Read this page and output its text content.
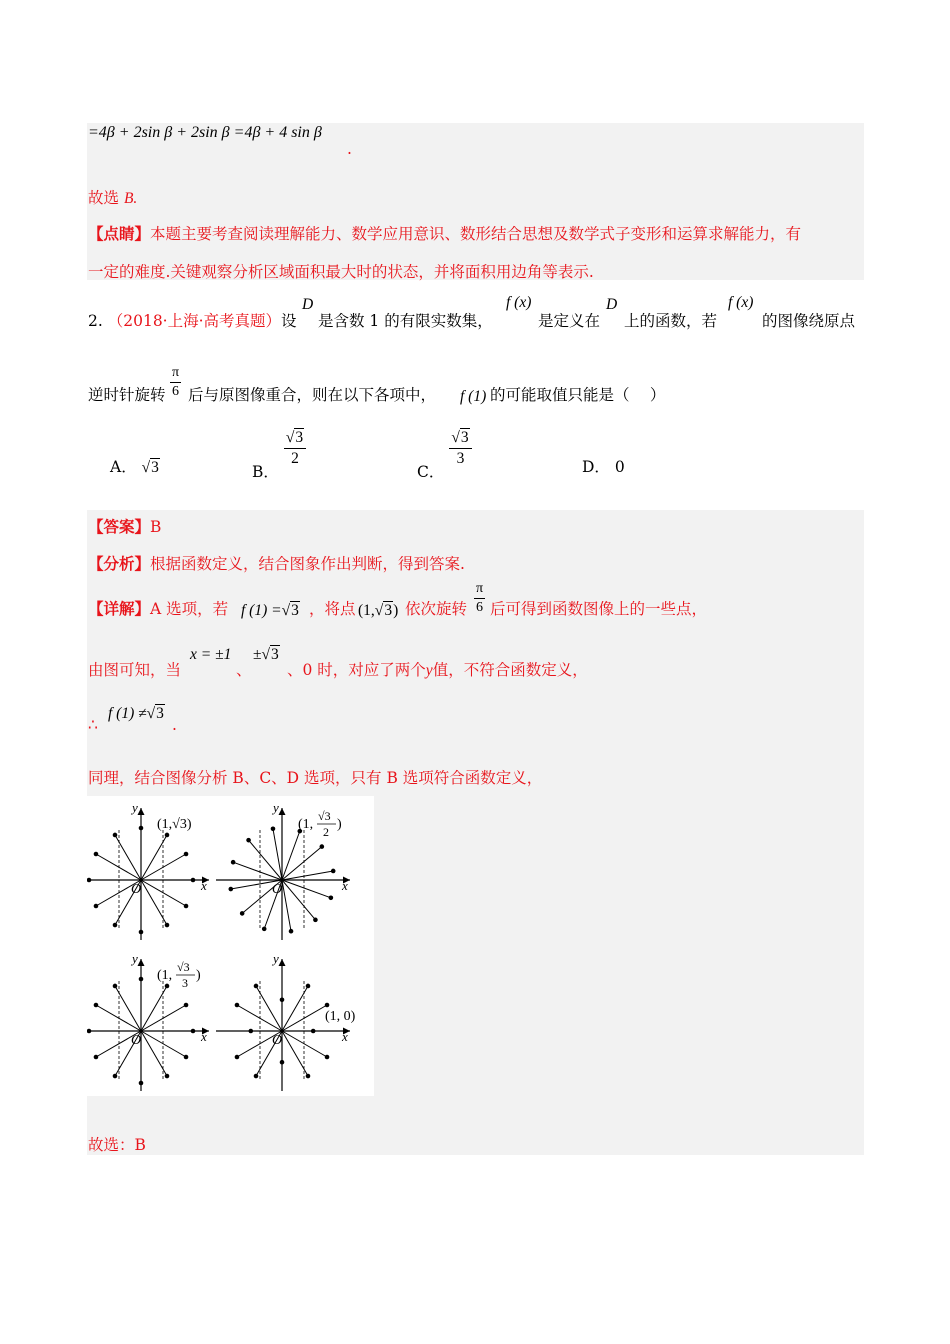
=4β + 2sin β + 2sin β =4β + 4 sin β
.
故选 B.
【点睛】本题主要考查阅读理解能力、数学应用意识、数形结合思想及数学式子变形和运算求解能力，有
一定的难度.关键观察分析区域面积最大时的状态，并将面积用边角等表示.
2. （2018·上海·高考真题）设
D
是含数 1 的有限实数集，
f (x)
是定义在
D
上的函数，若
f (x)
的图像绕原点
逆时针旋转 $\frac{\pi}{6}$ 后与原图像重合，则在以下各项中， f (1) 的可能取值只能是（　 ）
A． √3	B．
$\frac{√3}{2}$
C．
$\frac{√3}{3}$
D． 0
【答案】B
【分析】根据函数定义，结合图象作出判断，得到答案.
【详解】A 选项，若 f (1) =√3 ，将点 (1,√3) 依次旋转 $\frac{\pi}{6}$ 后可得到函数图像上的一些点，
由图可知，当
x = ±1
、
±√3
、0 时，对应了两个y值，不符合函数定义，
∴
f (1) ≠√3
.
同理，结合图像分析 B、C、D 选项，只有 B 选项符合函数定义，
y
x
O
(1,√3)
y
x
O
(1,
√3
2 )
y
x
O
(1,
√3
3 )
y
x
O
(1, 0)
故选：B
